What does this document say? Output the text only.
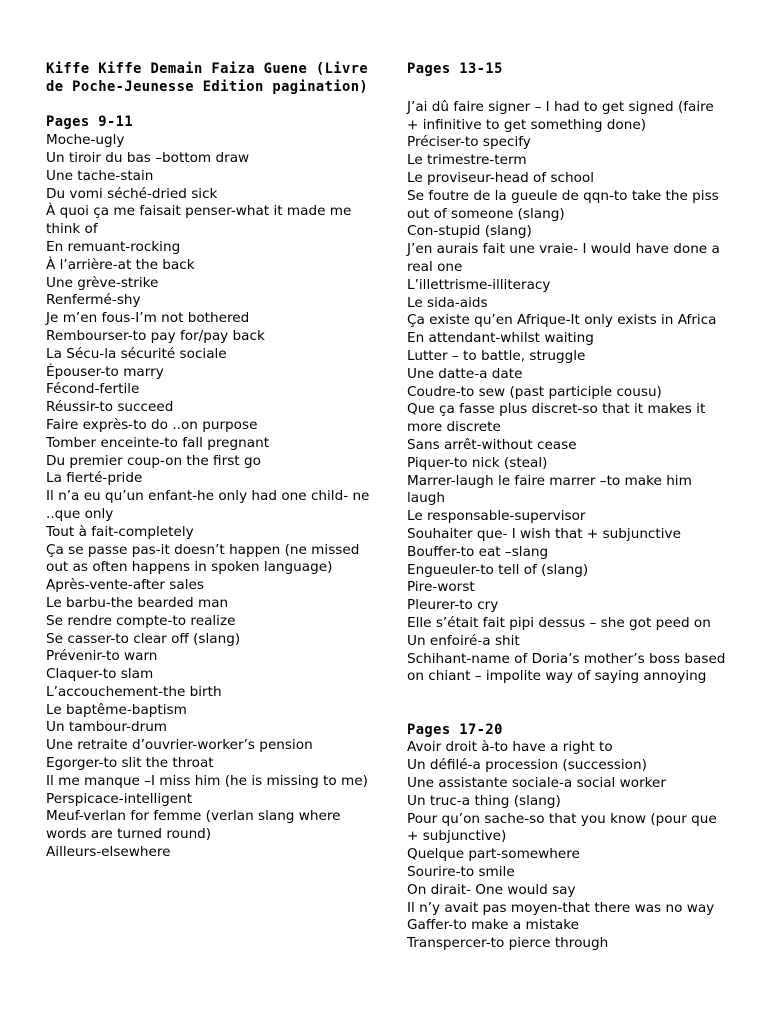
Kiffe Kiffe Demain Faiza Guene (Livre
de Poche-Jeunesse Edition pagination)
Pages 9-11
Moche-ugly
Un tiroir du bas –bottom draw
Une tache-stain
Du vomi séché-dried sick
À quoi ça me faisait penser-what it made me think of
En remuant-rocking
À l’arrière-at the back
Une grève-strike
Renfermé-shy
Je m’en fous-I’m not bothered
Rembourser-to pay for/pay back
La Sécu-la sécurité sociale
Épouser-to marry
Fécond-fertile
Réussir-to succeed
Faire exprès-to do ..on purpose
Tomber enceinte-to fall pregnant
Du premier coup-on the first go
La fierté-pride
Il n’a eu qu’un enfant-he only had one child- ne ..que only
Tout à fait-completely
Ça se passe pas-it doesn’t happen (ne missed out as often happens in spoken language)
Après-vente-after sales
Le barbu-the bearded man
Se rendre compte-to realize
Se casser-to clear off (slang)
Prévenir-to warn
Claquer-to slam
L’accouchement-the birth
Le baptême-baptism
Un tambour-drum
Une retraite d’ouvrier-worker’s pension
Egorger-to slit the throat
Il me manque –I miss him (he is missing to me)
Perspicace-intelligent
Meuf-verlan for femme (verlan slang where words are turned round)
Ailleurs-elsewhere
Pages 13-15
J’ai dû faire signer – I had to get signed (faire + infinitive to get something done)
Préciser-to specify
Le trimestre-term
Le proviseur-head of school
Se foutre de la gueule de qqn-to take the piss out of someone (slang)
Con-stupid (slang)
J’en aurais fait une vraie- I would have done a real one
L’illettrisme-illiteracy
Le sida-aids
Ça existe qu’en Afrique-It only exists in Africa
En attendant-whilst waiting
Lutter – to battle, struggle
Une datte-a date
Coudre-to sew (past participle cousu)
Que ça fasse plus discret-so that it makes it more discrete
Sans arrêt-without cease
Piquer-to nick (steal)
Marrer-laugh le faire marrer –to make him laugh
Le responsable-supervisor
Souhaiter que- I wish that + subjunctive
Bouffer-to eat –slang
Engueuler-to tell of (slang)
Pire-worst
Pleurer-to cry
Elle s’était fait pipi dessus – she got peed on
Un enfoiré-a shit
Schihant-name of Doria’s mother’s boss based on chiant – impolite way of saying annoying
Pages 17-20
Avoir droit à-to have a right to
Un défilé-a procession (succession)
Une assistante sociale-a social worker
Un truc-a thing (slang)
Pour qu’on sache-so that you know (pour que + subjunctive)
Quelque part-somewhere
Sourire-to smile
On dirait- One would say
Il n’y avait pas moyen-that there was no way
Gaffer-to make a mistake
Transpercer-to pierce through
